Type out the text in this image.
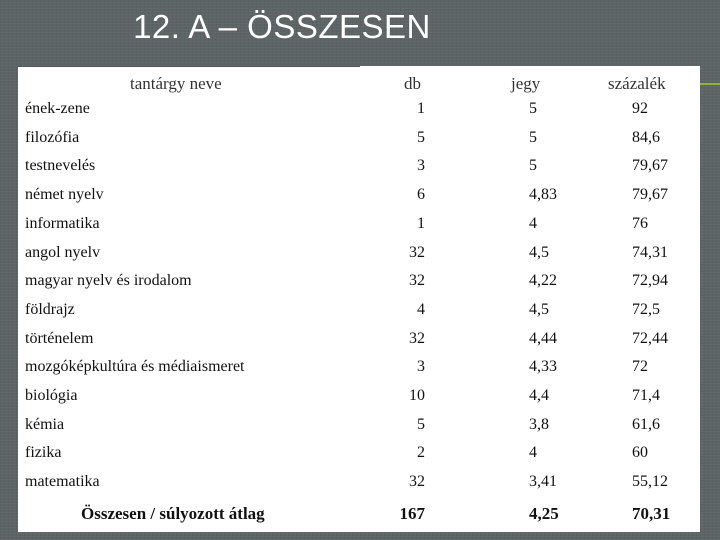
12. A – ÖSSZESEN
tantárgy neve	db	jegy	százalék
ének-zene	1	5	92
filozófia	5	5	84,6
testnevelés	3	5	79,67
német nyelv	6	4,83	79,67
informatika	1	4	76
angol nyelv	32	4,5	74,31
magyar nyelv és irodalom	32	4,22	72,94
földrajz	4	4,5	72,5
történelem	32	4,44	72,44
mozgóképkultúra és médiaismeret	3	4,33	72
biológia	10	4,4	71,4
kémia	5	3,8	61,6
fizika	2	4	60
matematika	32	3,41	55,12
Összesen / súlyozott átlag	167	4,25	70,31
